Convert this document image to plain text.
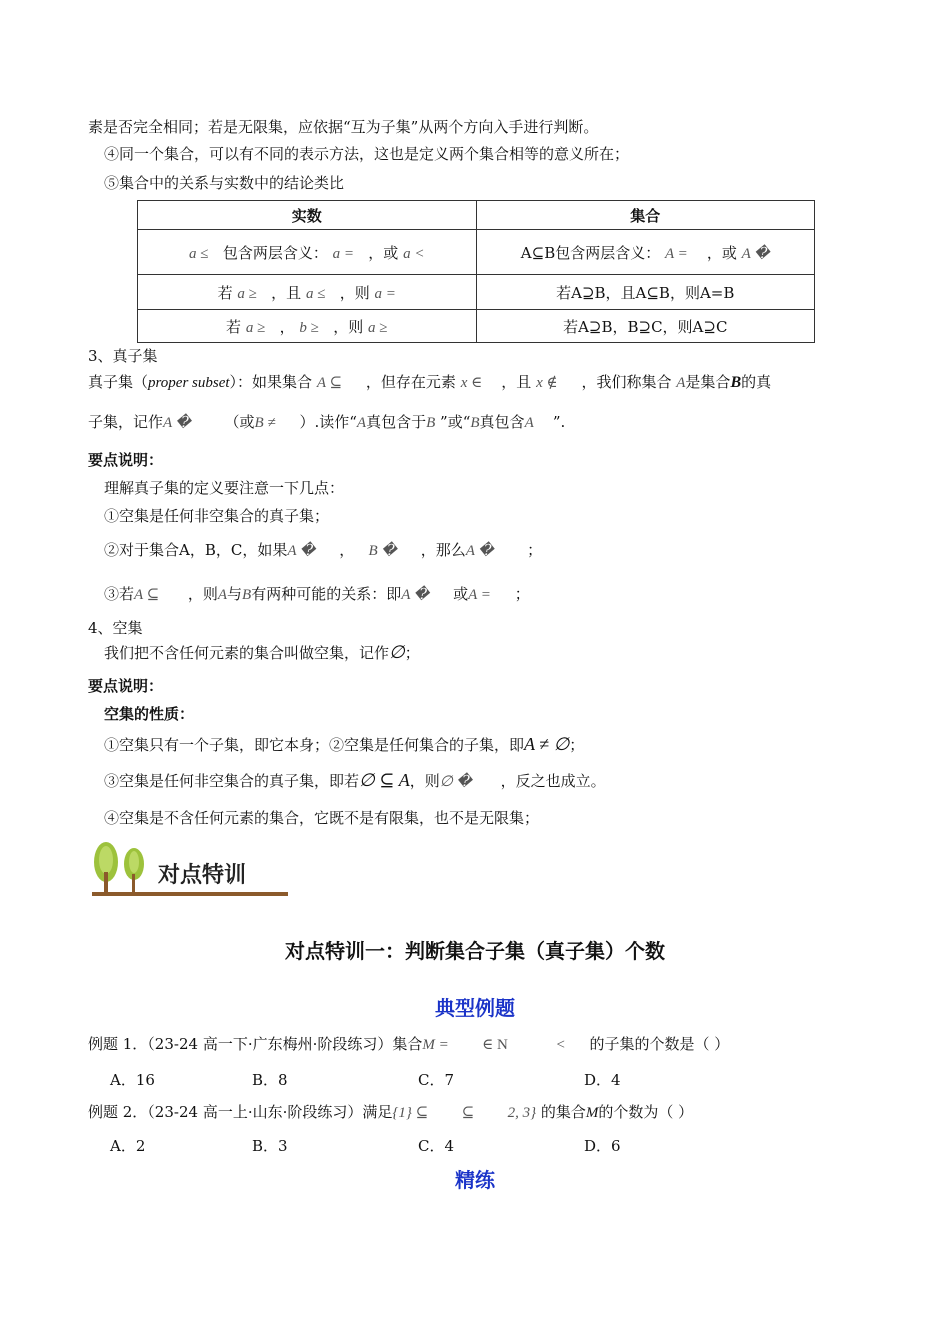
素是否完全相同；若是无限集，应依据“互为子集”从两个方向入手进行判断。
④同一个集合，可以有不同的表示方法，这也是定义两个集合相等的意义所在；
⑤集合中的关系与实数中的结论类比
实数	集合
a ≤ 包含两层含义： a = ，或 a <	A⊆B包含两层含义： A = ，或 A �
若 a ≥ ，且 a ≤ ，则 a =	若A⊇B，且A⊆B，则A=B
若 a ≥ ， b ≥ ，则 a ≥	若A⊇B，B⊇C，则A⊇C
3、真子集
真子集（proper subset）：如果集合 A ⊆ ，但存在元素 x ∈ ，且 x ∉ ，我们称集合 A是集合B的真
子集，记作A � （或B ≠ ）.读作“A真包含于B ”或“B真包含A ”.
要点说明：
理解真子集的定义要注意一下几点：
①空集是任何非空集合的真子集；
②对于集合A，B，C，如果A � ， B � ，那么A � ；
③若A ⊆ ，则A与B有两种可能的关系：即A � 或A = ；
4、空集
我们把不含任何元素的集合叫做空集，记作∅；
要点说明：
空集的性质：
①空集只有一个子集，即它本身；②空集是任何集合的子集，即A ≠ ∅；
③空集是任何非空集合的真子集，即若∅ ⊆ A，则∅ � ，反之也成立。
④空集是不含任何元素的集合，它既不是有限集，也不是无限集；
对点特训
对点特训一：判断集合子集（真子集）个数
典型例题
例题 1．（23-24 高一下·广东梅州·阶段练习）集合M = ∈ N	< 的子集的个数是（ ）
A．16	B．8	C．7	D．4
例题 2．（23-24 高一上·山东·阶段练习）满足{1} ⊆ ⊆ 2, 3} 的集合M的个数为（ ）
A．2	B．3	C．4	D．6
精练
